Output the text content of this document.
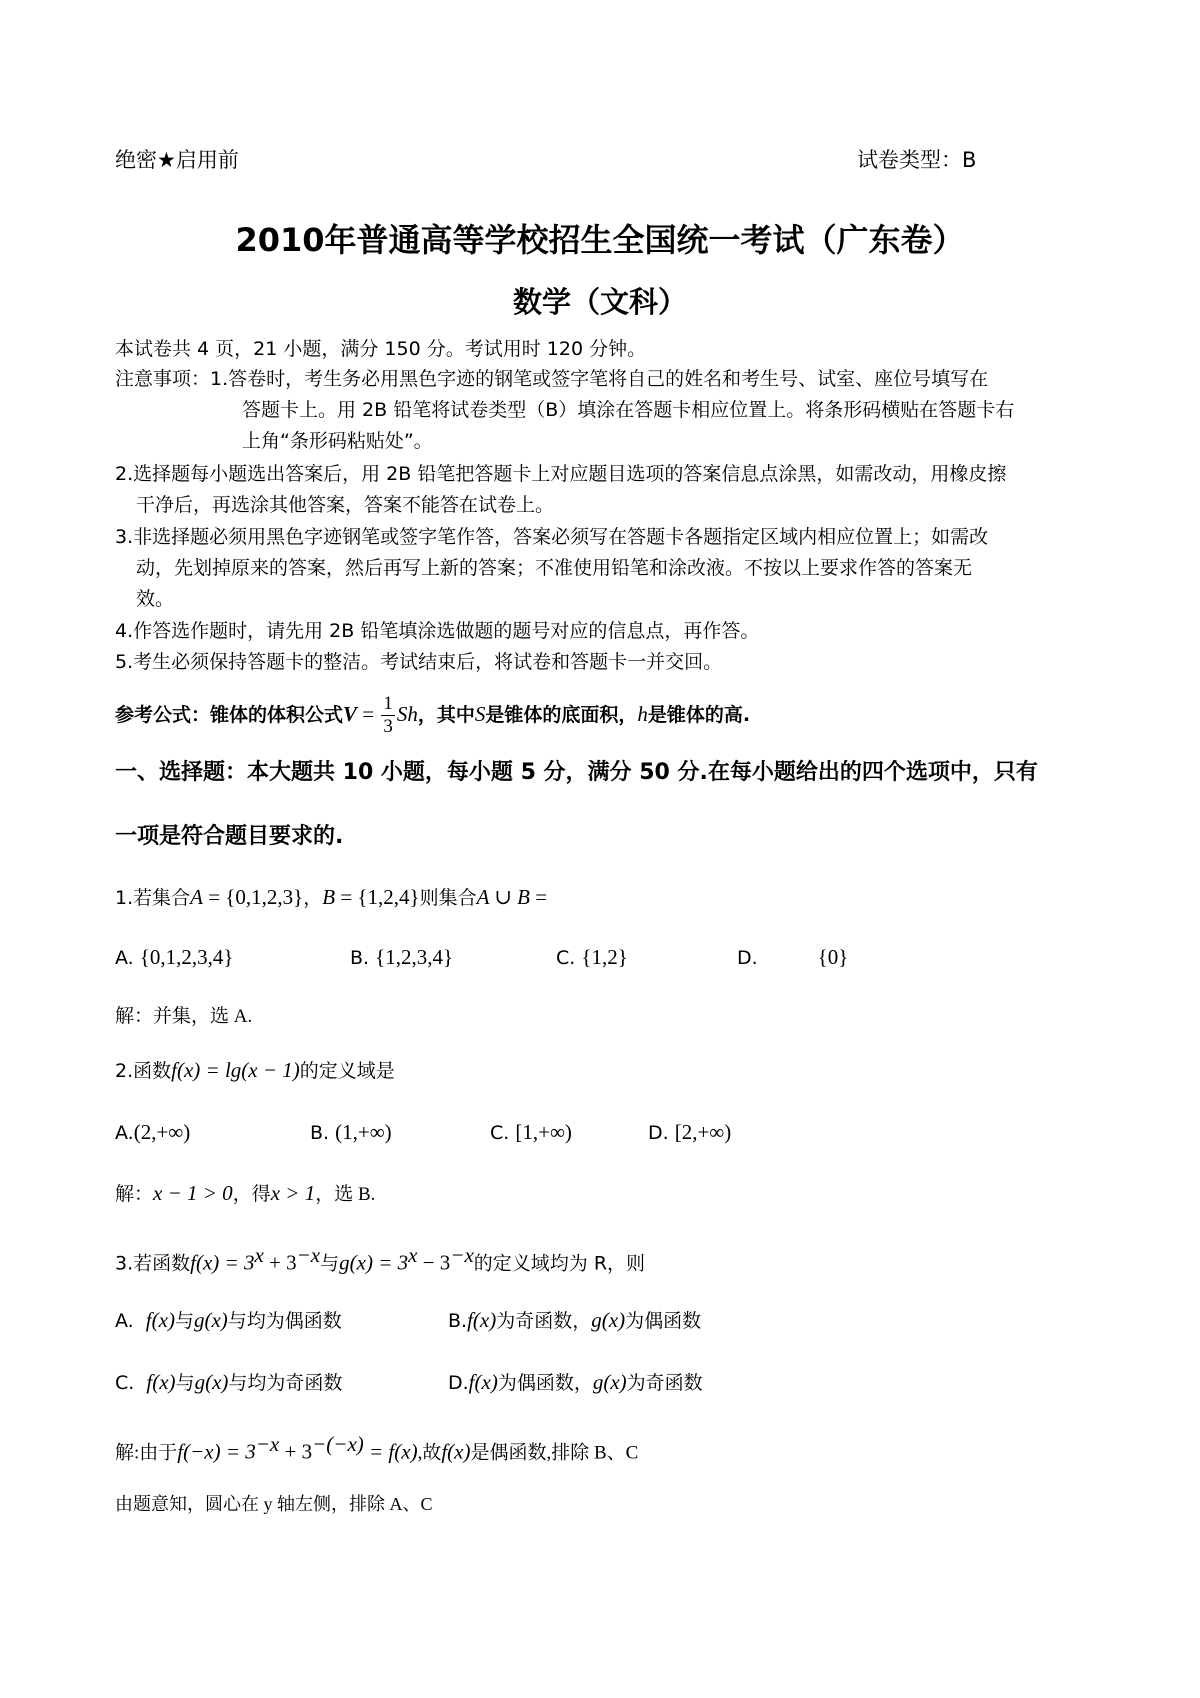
绝密★启用前	试卷类型：B
2010年普通高等学校招生全国统一考试（广东卷）
数学（文科）
本试卷共 4 页，21 小题，满分 150 分。考试用时 120 分钟。
注意事项：1.答卷时，考生务必用黑色字迹的钢笔或签字笔将自己的姓名和考生号、试室、座位号填写在
答题卡上。用 2B 铅笔将试卷类型（B）填涂在答题卡相应位置上。将条形码横贴在答题卡右
上角“条形码粘贴处”。
2.选择题每小题选出答案后，用 2B 铅笔把答题卡上对应题目选项的答案信息点涂黑，如需改动，用橡皮擦
干净后，再选涂其他答案，答案不能答在试卷上。
3.非选择题必须用黑色字迹钢笔或签字笔作答，答案必须写在答题卡各题指定区域内相应位置上；如需改
动，先划掉原来的答案，然后再写上新的答案；不准使用铅笔和涂改液。不按以上要求作答的答案无
效。
4.作答选作题时，请先用 2B 铅笔填涂选做题的题号对应的信息点，再作答。
5.考生必须保持答题卡的整洁。考试结束后，将试卷和答题卡一并交回。
参考公式：锥体的体积公式$V = \frac{1}{3}$ Sh，其中S是锥体的底面积，h是锥体的高.
一、选择题：本大题共 10 小题，每小题 5 分，满分 50 分.在每小题给出的四个选项中，只有
一项是符合题目要求的.
1.若集合A = {0,1,2,3}，B = {1,2,4}则集合A ∪ B =
A. {0,1,2,3,4}	B. {1,2,3,4}	C. {1,2}	D.	{0}
解：并集，选 A.
2.函数f(x) = lg(x − 1)的定义域是
A.(2,+∞)	B. (1,+∞)	C. [1,+∞)	D. [2,+∞)
解：x − 1 > 0，得x > 1，选 B.
3.若函数$f(x) = 3^x + 3^{-x}$与$g(x) = 3^x - 3^{-x}$的定义域均为 R，则
A. f(x)与g(x)与均为偶函数	B.f(x)为奇函数，g(x)为偶函数
C. f(x)与g(x)与均为奇函数	D.f(x)为偶函数，g(x)为奇函数
解:由于$f(-x) = 3^{-x} + 3^{-(-x)} = f(x)$,故f(x)是偶函数,排除 B、C
由题意知，圆心在 y 轴左侧，排除 A、C
